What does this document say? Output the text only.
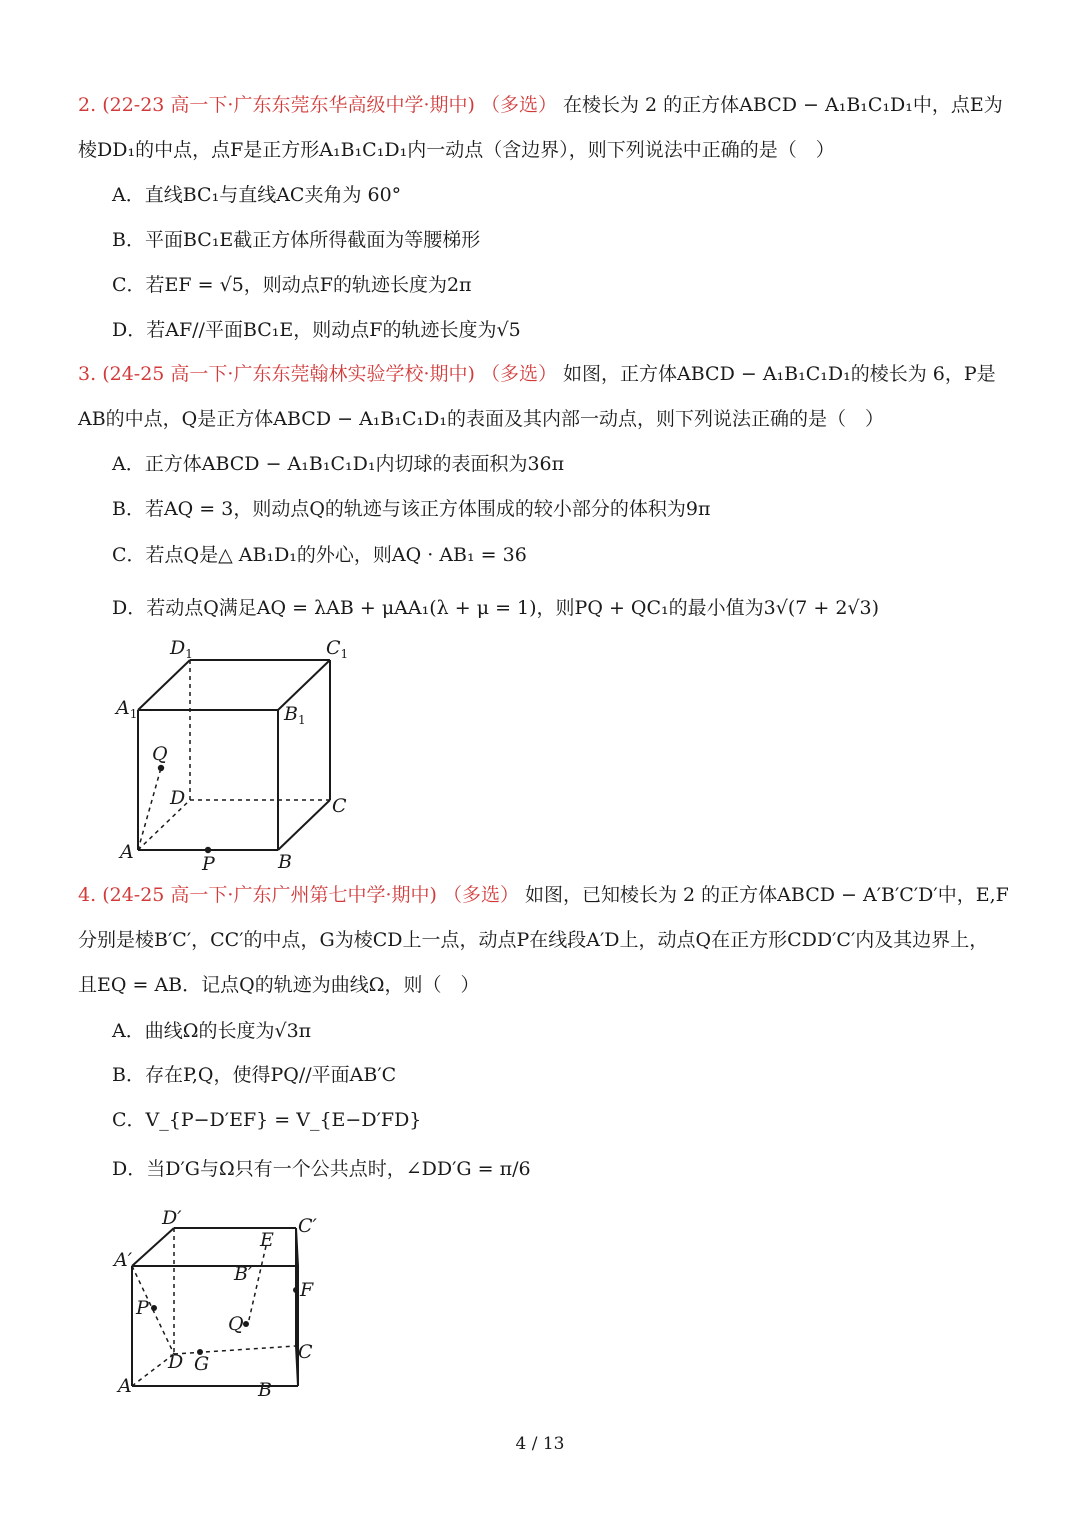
2. (22-23 高一下·广东东莞东华高级中学·期中) （多选） 在棱长为 2 的正方体ABCD − A₁B₁C₁D₁中，点E为
棱DD₁的中点，点F是正方形A₁B₁C₁D₁内一动点（含边界），则下列说法中正确的是（　）
A．直线BC₁与直线AC夹角为 60°
B．平面BC₁E截正方体所得截面为等腰梯形
C．若EF = √5，则动点F的轨迹长度为2π
D．若AF//平面BC₁E，则动点F的轨迹长度为√5
3. (24-25 高一下·广东东莞翰林实验学校·期中) （多选） 如图，正方体ABCD − A₁B₁C₁D₁的棱长为 6，P是
AB的中点，Q是正方体ABCD − A₁B₁C₁D₁的表面及其内部一动点，则下列说法正确的是（　）
A．正方体ABCD − A₁B₁C₁D₁内切球的表面积为36π
B．若AQ = 3，则动点Q的轨迹与该正方体围成的较小部分的体积为9π
C．若点Q是△ AB₁D₁的外心，则AQ · AB₁ = 36
D．若动点Q满足AQ = λAB + μAA₁(λ + μ = 1)，则PQ + QC₁的最小值为3√(7 + 2√3)
$D_1$	$C_1$
$A_1$	$B_1$
Q
D	C
A
P	B
4. (24-25 高一下·广东广州第七中学·期中) （多选） 如图，已知棱长为 2 的正方体ABCD − A′B′C′D′中，E,F
分别是棱B′C′，CC′的中点，G为棱CD上一点，动点P在线段A′D上，动点Q在正方形CDD′C′内及其边界上，
且EQ = AB．记点Q的轨迹为曲线Ω，则（　）
A．曲线Ω的长度为√3π
B．存在P,Q，使得PQ//平面AB′C
C．V_{P−D′EF} = V_{E−D′FD}
D．当D′G与Ω只有一个公共点时，∠DD′G = π/6
D′	C′
A′
E
B′
F
P
Q
D G
C
A	B
4 / 13
